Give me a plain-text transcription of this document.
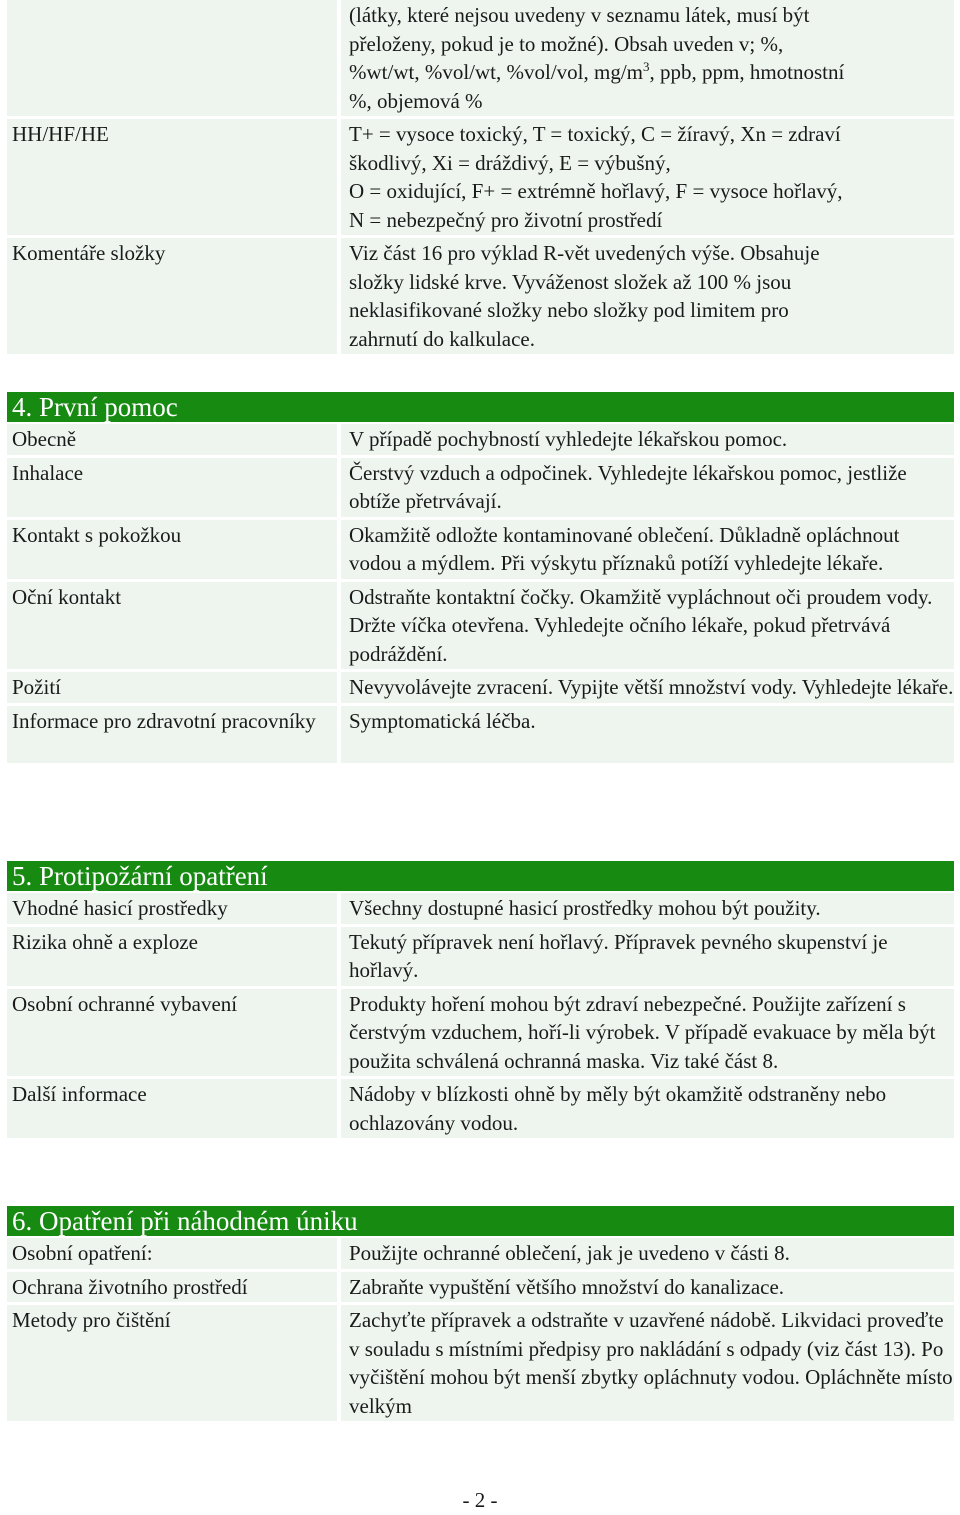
(látky, které nejsou uvedeny v seznamu látek, musí být
přeloženy, pokud je to možné). Obsah uveden v; %,
%wt/wt, %vol/wt, %vol/vol, $mg/m^3$, ppb, ppm, hmotnostní
%, objemová %
HH/HF/HE	T+ = vysoce toxický, T = toxický, C = žíravý, Xn = zdraví
škodlivý, Xi = dráždivý, E = výbušný,
O = oxidující, F+ = extrémně hořlavý, F = vysoce hořlavý,
N = nebezpečný pro životní prostředí
Komentáře složky	Viz část 16 pro výklad R-vět uvedených výše. Obsahuje
složky lidské krve. Vyváženost složek až 100 % jsou
neklasifikované složky nebo složky pod limitem pro
zahrnutí do kalkulace.
4. První pomoc
Obecně	V případě pochybností vyhledejte lékařskou pomoc.
Inhalace	Čerstvý vzduch a odpočinek. Vyhledejte lékařskou pomoc, jestliže obtíže přetrvávají.
Kontakt s pokožkou	Okamžitě odložte kontaminované oblečení. Důkladně opláchnout vodou a mýdlem. Při výskytu příznaků potíží vyhledejte lékaře.
Oční kontakt	Odstraňte kontaktní čočky. Okamžitě vypláchnout oči proudem vody. Držte víčka otevřena. Vyhledejte očního lékaře, pokud přetrvává podráždění.
Požití	Nevyvolávejte zvracení. Vypijte větší množství vody. Vyhledejte lékaře.
Informace pro zdravotní pracovníky	Symptomatická léčba.
5. Protipožární opatření
Vhodné hasicí prostředky	Všechny dostupné hasicí prostředky mohou být použity.
Rizika ohně a exploze	Tekutý přípravek není hořlavý. Přípravek pevného skupenství je hořlavý.
Osobní ochranné vybavení	Produkty hoření mohou být zdraví nebezpečné. Použijte zařízení s čerstvým vzduchem, hoří-li výrobek. V případě evakuace by měla být použita schválená ochranná maska. Viz také část 8.
Další informace	Nádoby v blízkosti ohně by měly být okamžitě odstraněny nebo ochlazovány vodou.
6. Opatření při náhodném úniku
Osobní opatření:	Použijte ochranné oblečení, jak je uvedeno v části 8.
Ochrana životního prostředí	Zabraňte vypuštění většího množství do kanalizace.
Metody pro čištění	Zachyťte přípravek a odstraňte v uzavřené nádobě. Likvidaci proveďte v souladu s místními předpisy pro nakládání s odpady (viz část 13). Po vyčištění mohou být menší zbytky opláchnuty vodou. Opláchněte místo velkým
- 2 -
